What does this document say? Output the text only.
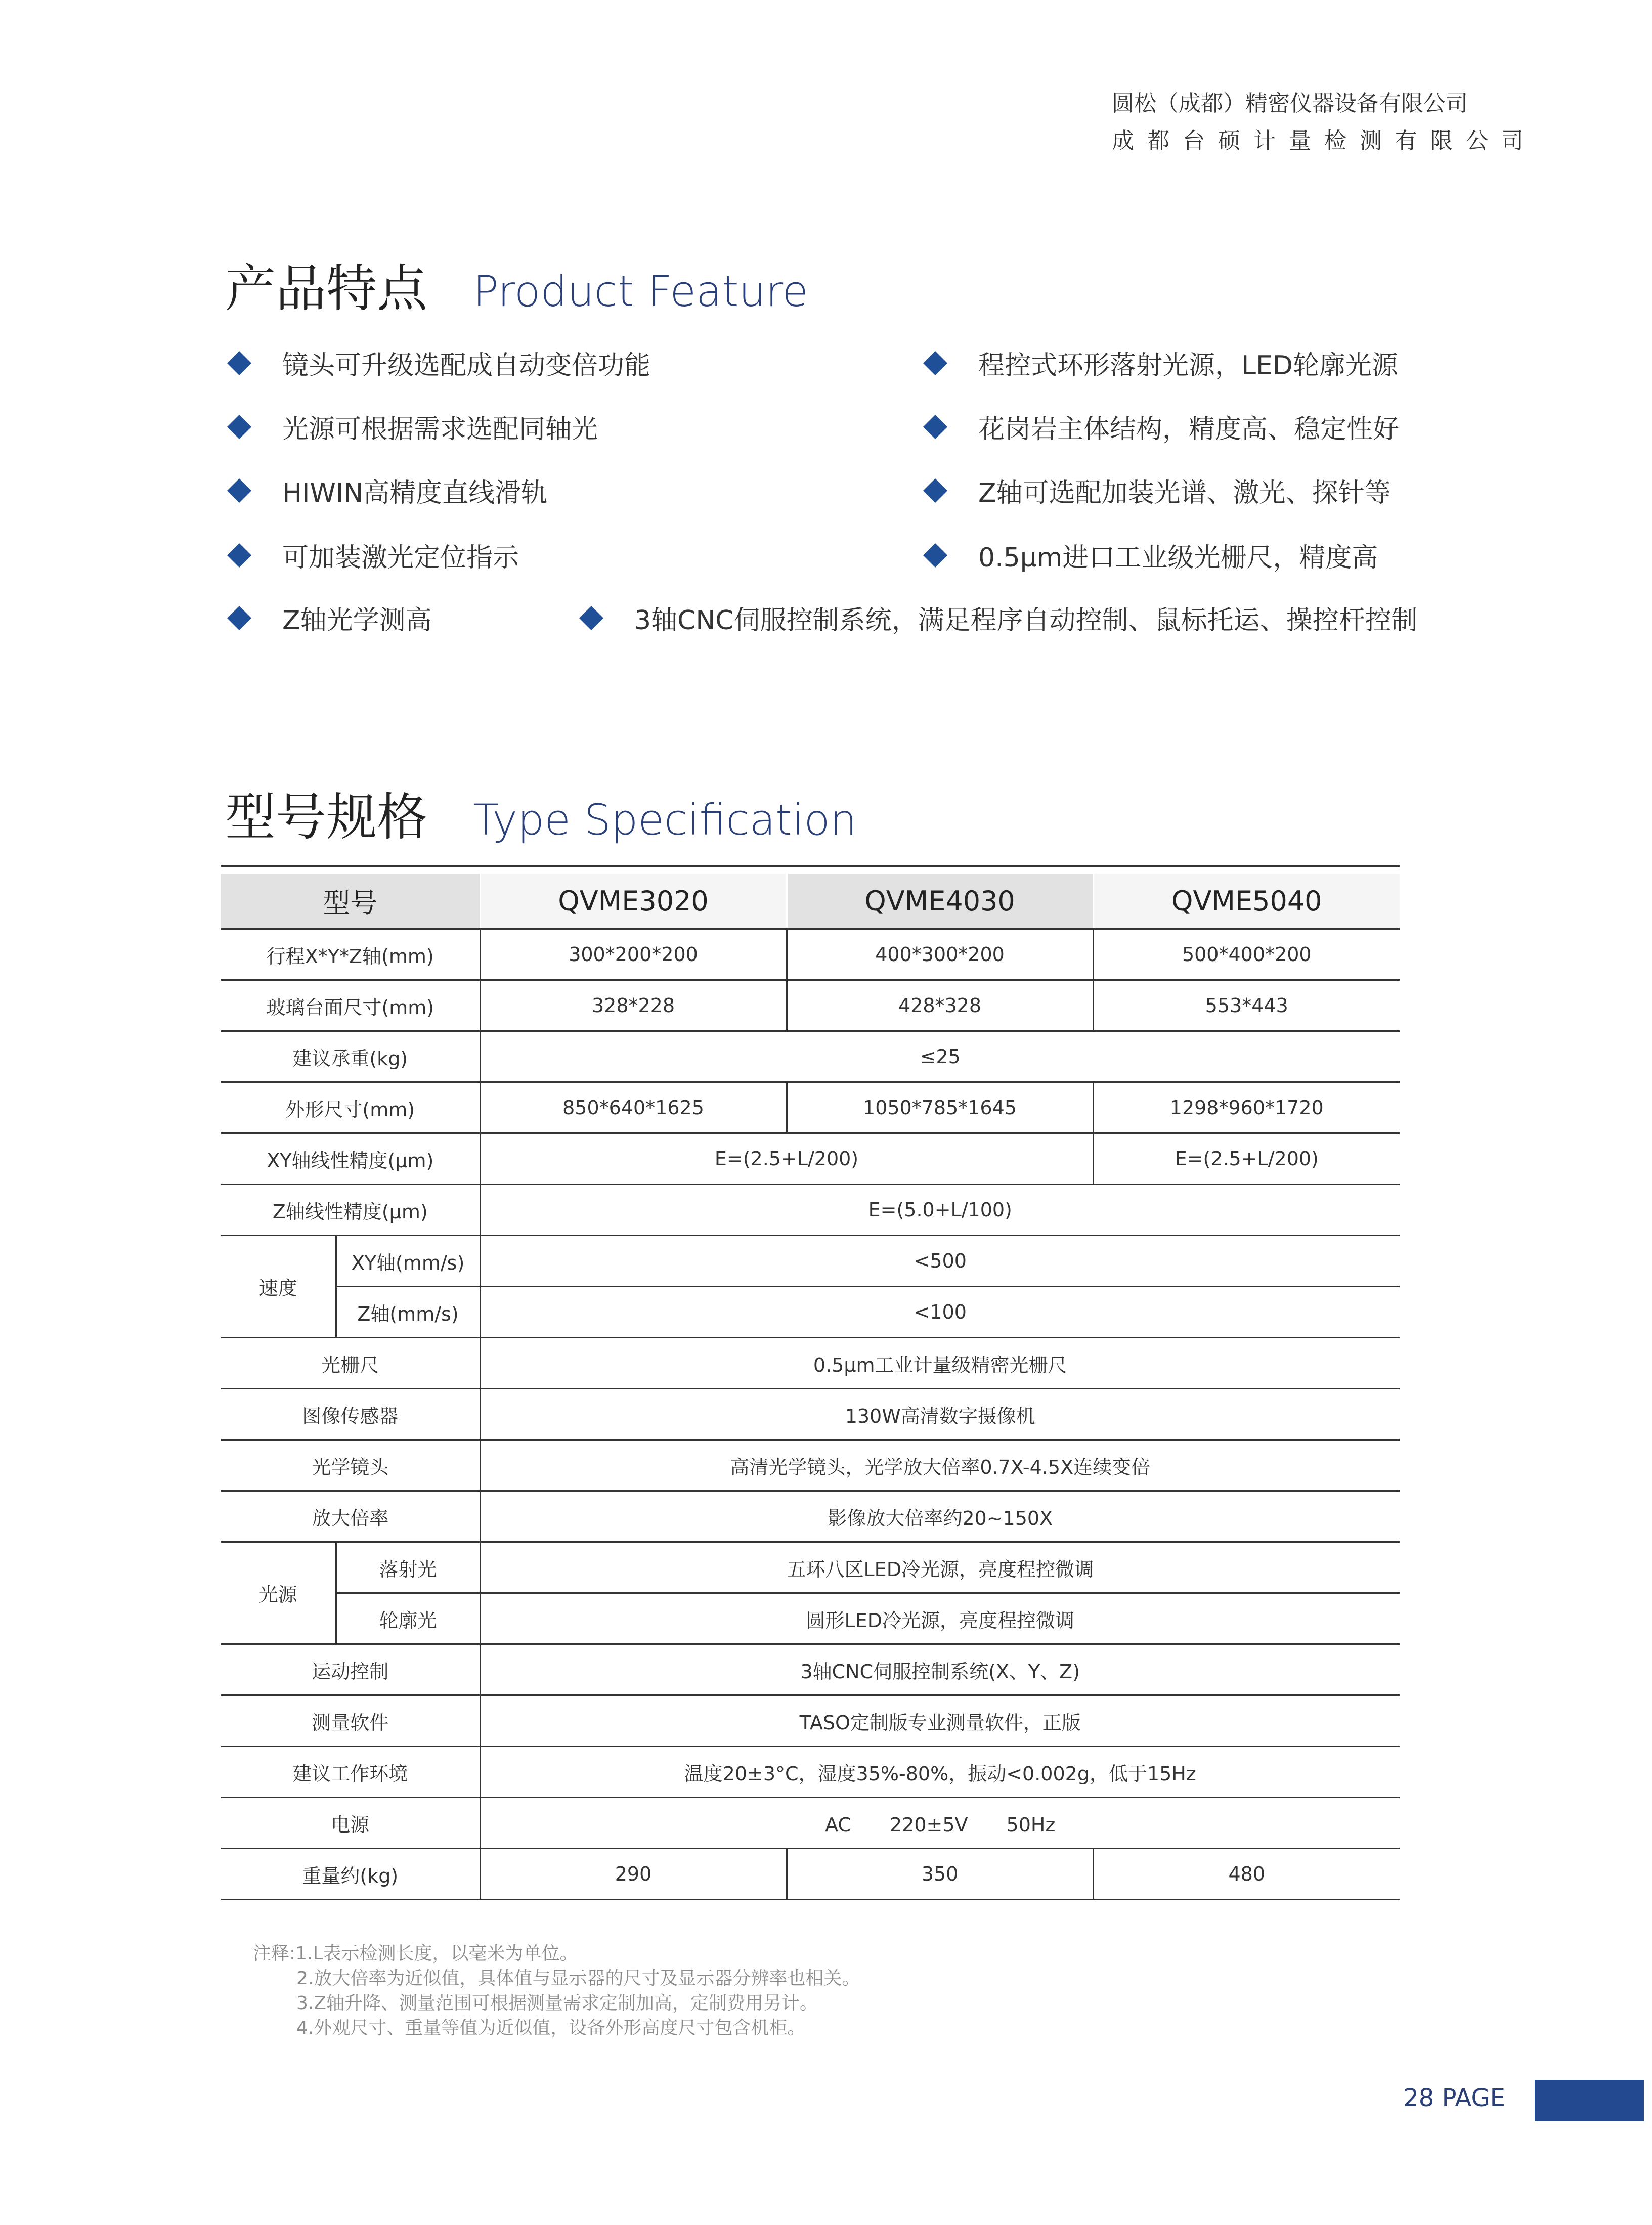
圆松（成都）精密仪器设备有限公司
成都台硕计量检测有限公司
产品特点 Product Feature
镜头可升级选配成自动变倍功能	程控式环形落射光源，LED轮廓光源
光源可根据需求选配同轴光	花岗岩主体结构，精度高、稳定性好
HIWIN高精度直线滑轨	Z轴可选配加装光谱、激光、探针等
可加装激光定位指示	0.5μm进口工业级光栅尺，精度高
Z轴光学测高	3轴CNC伺服控制系统，满足程序自动控制、鼠标托运、操控杆控制
型号规格 Type Specification
型号		QVME3020	QVME4030	QVME5040
行程X*Y*Z轴(mm)		300*200*200	400*300*200	500*400*200
玻璃台面尺寸(mm)		328*228	428*328	553*443
建议承重(kg)		≤25		
外形尺寸(mm)		850*640*1625	1050*785*1645	1298*960*1720
XY轴线性精度(μm)		E=(2.5+L/200)		E=(2.5+L/200)
Z轴线性精度(μm)		E=(5.0+L/100)		
速度	XY轴(mm/s)	<500		
	Z轴(mm/s)	<100		
光栅尺		0.5μm工业计量级精密光栅尺		
图像传感器		130W高清数字摄像机		
光学镜头		高清光学镜头，光学放大倍率0.7X-4.5X连续变倍		
放大倍率		影像放大倍率约20~150X		
光源	落射光	五环八区LED冷光源，亮度程控微调		
	轮廓光	圆形LED冷光源，亮度程控微调		
运动控制		3轴CNC伺服控制系统(X、Y、Z)		
测量软件		TASO定制版专业测量软件，正版		
建议工作环境		温度20±3°C，湿度35%-80%，振动<0.002g，低于15Hz		
电源		AC　　220±5V　　50Hz		
重量约(kg)		290	350	480
注释:1.L表示检测长度，以毫米为单位。
2.放大倍率为近似值，具体值与显示器的尺寸及显示器分辨率也相关。
3.Z轴升降、测量范围可根据测量需求定制加高，定制费用另计。
4.外观尺寸、重量等值为近似值，设备外形高度尺寸包含机柜。
28 PAGE
